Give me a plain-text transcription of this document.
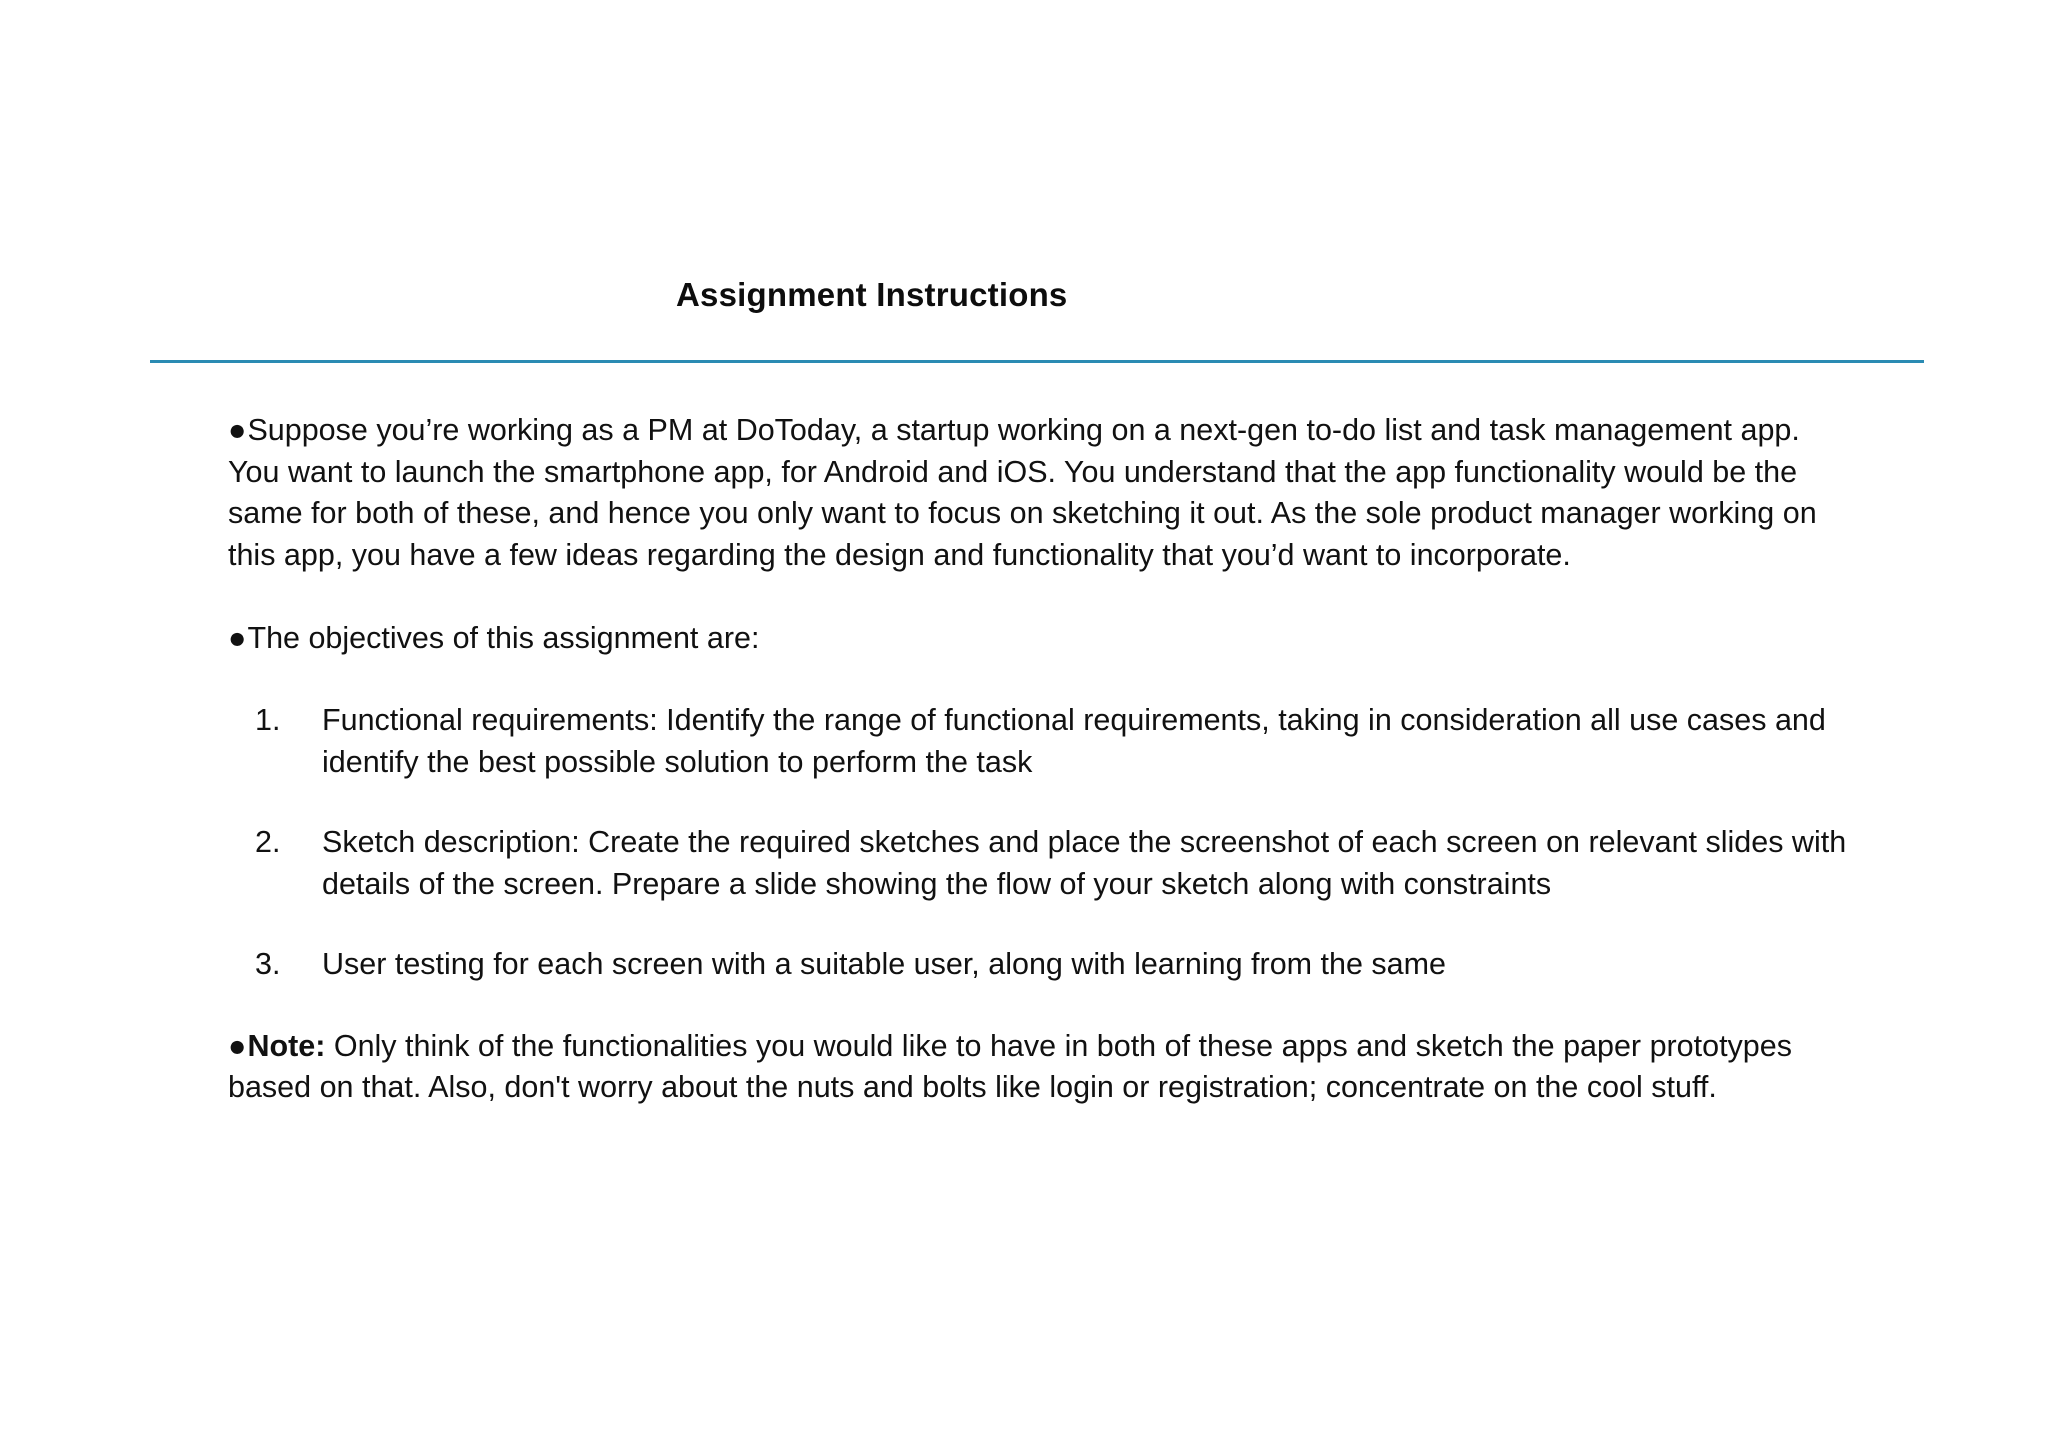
Assignment Instructions

●Suppose you’re working as a PM at DoToday, a startup working on a next-gen to-do list and task management app. You want to launch the smartphone app, for Android and iOS. You understand that the app functionality would be the same for both of these, and hence you only want to focus on sketching it out. As the sole product manager working on this app, you have a few ideas regarding the design and functionality that you’d want to incorporate.

●The objectives of this assignment are:

1. Functional requirements: Identify the range of functional requirements, taking in consideration all use cases and identify the best possible solution to perform the task
2. Sketch description: Create the required sketches and place the screenshot of each screen on relevant slides with details of the screen. Prepare a slide showing the flow of your sketch along with constraints
3. User testing for each screen with a suitable user, along with learning from the same

●Note: Only think of the functionalities you would like to have in both of these apps and sketch the paper prototypes based on that. Also, don't worry about the nuts and bolts like login or registration; concentrate on the cool stuff.
